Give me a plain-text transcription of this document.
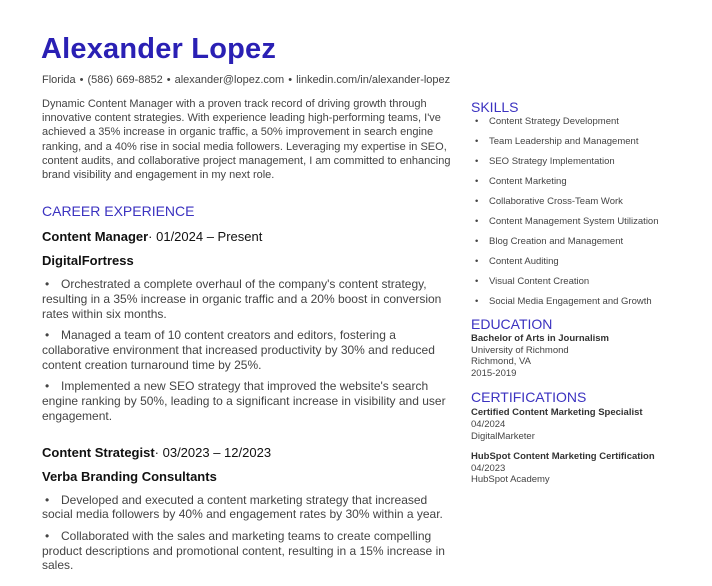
Alexander Lopez
Florida • (586) 669-8852 • alexander@lopez.com • linkedin.com/in/alexander-lopez

Dynamic Content Manager with a proven track record of driving growth through innovative content strategies. With experience leading high-performing teams, I've achieved a 35% increase in organic traffic, a 50% improvement in search engine ranking, and a 40% rise in social media followers. Leveraging my expertise in SEO, content audits, and collaborative project management, I am committed to enhancing brand visibility and engagement in my next role.

CAREER EXPERIENCE
Content Manager· 01/2024 – Present
DigitalFortress

• Orchestrated a complete overhaul of the company's content strategy, resulting in a 35% increase in organic traffic and a 20% boost in conversion rates within six months.

• Managed a team of 10 content creators and editors, fostering a collaborative environment that increased productivity by 30% and reduced content creation turnaround time by 25%.

• Implemented a new SEO strategy that improved the website's search engine ranking by 50%, leading to a significant increase in visibility and user engagement.

Content Strategist· 03/2023 – 12/2023
Verba Branding Consultants

• Developed and executed a content marketing strategy that increased social media followers by 40% and engagement rates by 30% within a year.

• Collaborated with the sales and marketing teams to create compelling product descriptions and promotional content, resulting in a 15% increase in sales.

SKILLS

• Content Strategy Development

• Team Leadership and Management

• SEO Strategy Implementation

• Content Marketing

• Collaborative Cross-Team Work

• Content Management System Utilization

• Blog Creation and Management

• Content Auditing

• Visual Content Creation

• Social Media Engagement and Growth

EDUCATION
Bachelor of Arts in Journalism
University of Richmond
Richmond, VA
2015-2019
CERTIFICATIONS
Certified Content Marketing Specialist
04/2024
DigitalMarketer
HubSpot Content Marketing Certification
04/2023
HubSpot Academy
